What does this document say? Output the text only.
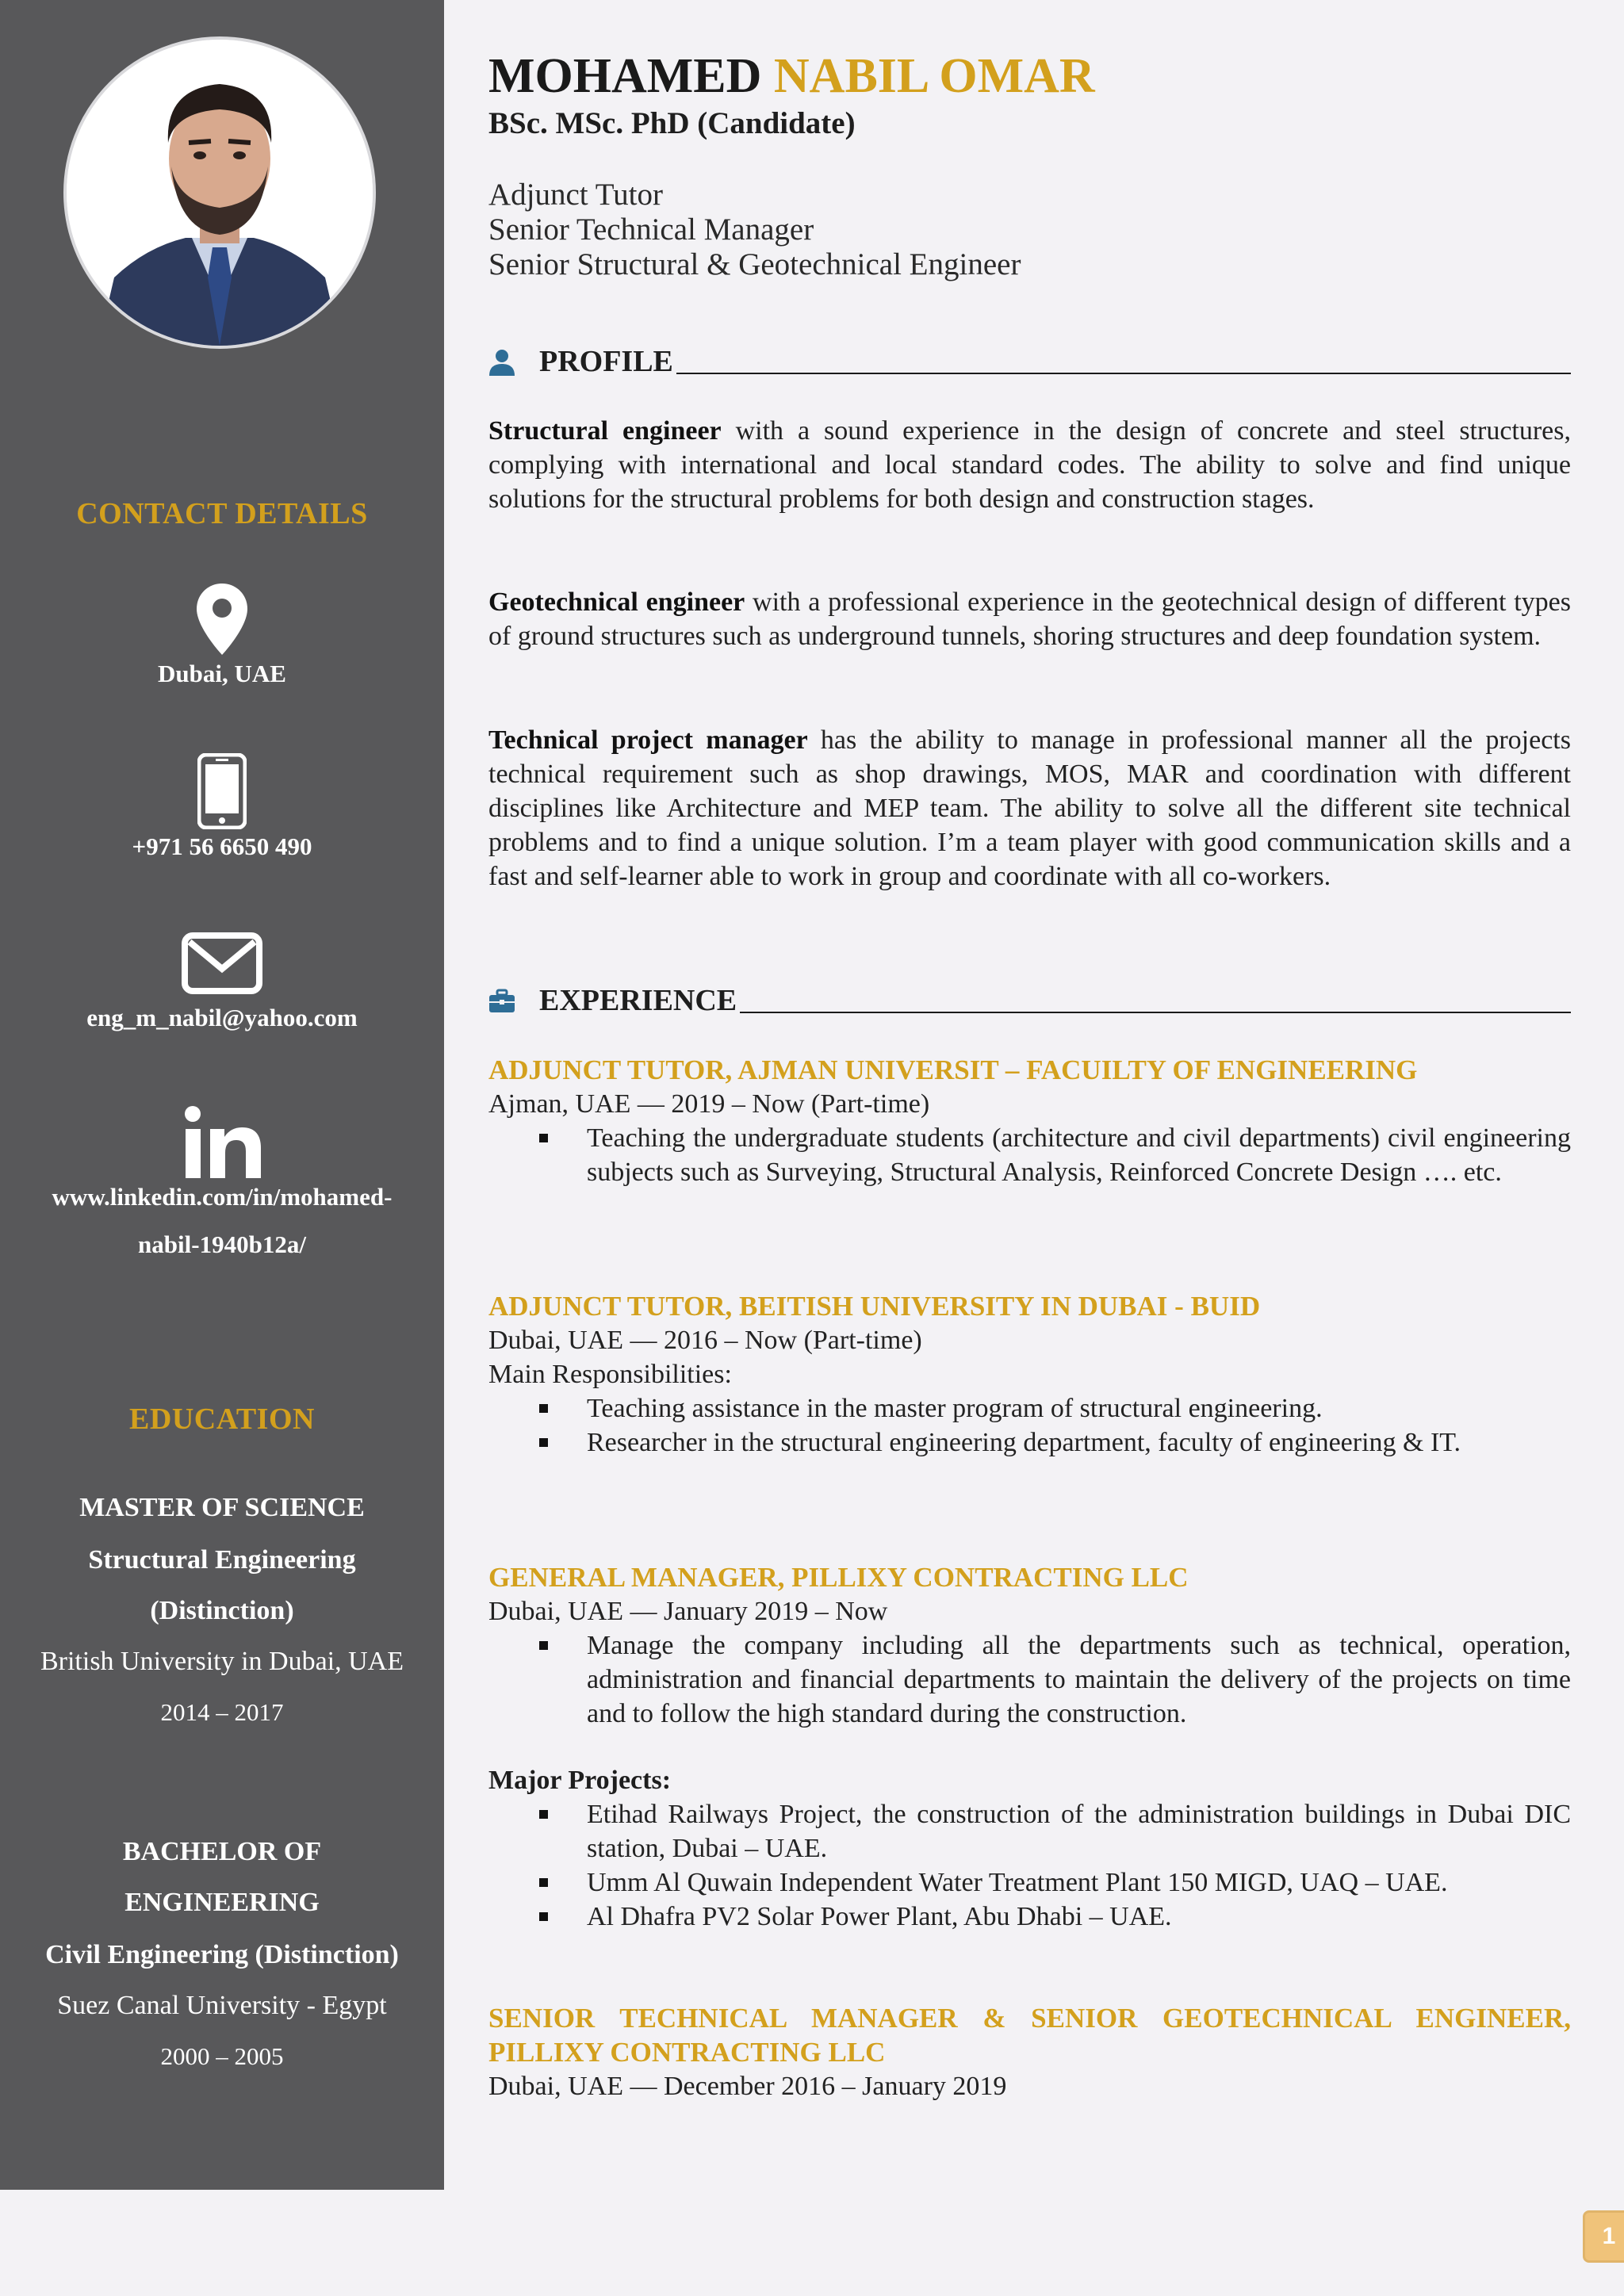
CONTACT DETAILS
Dubai, UAE
+971 56 6650 490
eng_m_nabil@yahoo.com
www.linkedin.com/in/mohamed-
nabil-1940b12a/
EDUCATION
MASTER OF SCIENCE
Structural Engineering
(Distinction)
British University in Dubai, UAE
2014 – 2017
BACHELOR OF
ENGINEERING
Civil Engineering (Distinction)
Suez Canal University - Egypt
2000 – 2005
MOHAMED NABIL OMAR
BSc. MSc. PhD (Candidate)
Adjunct Tutor
Senior Technical Manager
Senior Structural & Geotechnical Engineer
PROFILE
Structural engineer with a sound experience in the design of concrete and steel structures, complying with international and local standard codes. The ability to solve and find unique solutions for the structural problems for both design and construction stages.
Geotechnical engineer with a professional experience in the geotechnical design of different types of ground structures such as underground tunnels, shoring structures and deep foundation system.
Technical project manager has the ability to manage in professional manner all the projects technical requirement such as shop drawings, MOS, MAR and coordination with different disciplines like Architecture and MEP team. The ability to solve all the different site technical problems and to find a unique solution. I’m a team player with good communication skills and a fast and self-learner able to work in group and coordinate with all co-workers.
EXPERIENCE
ADJUNCT TUTOR, AJMAN UNIVERSIT – FACUILTY OF ENGINEERING
Ajman, UAE — 2019 – Now (Part-time)
Teaching the undergraduate students (architecture and civil departments) civil engineering subjects such as Surveying, Structural Analysis, Reinforced Concrete Design …. etc.
ADJUNCT TUTOR, BEITISH UNIVERSITY IN DUBAI - BUID
Dubai, UAE — 2016 – Now (Part-time)
Main Responsibilities:
Teaching assistance in the master program of structural engineering.
Researcher in the structural engineering department, faculty of engineering & IT.
GENERAL MANAGER, PILLIXY CONTRACTING LLC
Dubai, UAE — January 2019 – Now
Manage the company including all the departments such as technical, operation, administration and financial departments to maintain the delivery of the projects on time and to follow the high standard during the construction.
Major Projects:
Etihad Railways Project, the construction of the administration buildings in Dubai DIC station, Dubai – UAE.
Umm Al Quwain Independent Water Treatment Plant 150 MIGD, UAQ – UAE.
Al Dhafra PV2 Solar Power Plant, Abu Dhabi – UAE.
SENIOR TECHNICAL MANAGER & SENIOR GEOTECHNICAL ENGINEER, PILLIXY CONTRACTING LLC
Dubai, UAE — December 2016 – January 2019
1
